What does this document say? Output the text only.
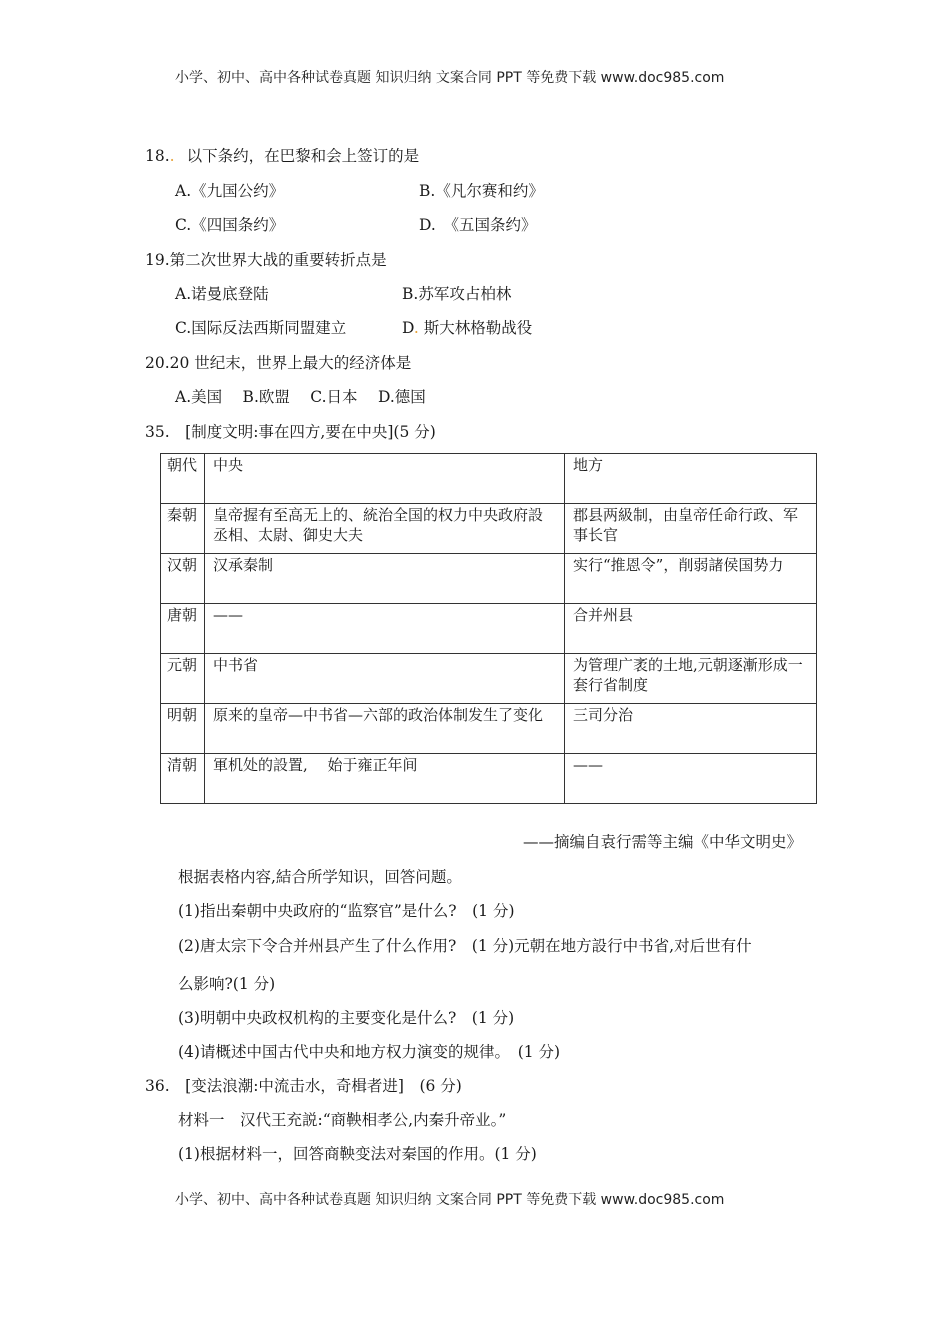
小学、初中、高中各种试卷真题 知识归纳 文案合同 PPT 等免费下载 www.doc985.com
18.. 以下条约，在巴黎和会上签订的是
A.《九国公约》	B.《凡尔赛和约》
C.《四国条约》	D.　《五国条约》
19.第二次世界大战的重要转折点是
A.诺曼底登陆	B.苏军攻占柏林
C.国际反法西斯同盟建立	D. 斯大林格勒战役
20.20 世纪末，世界上最大的经济体是
A.美国　 B.欧盟　 C.日本　 D.德国
35.　[制度文明:事在四方,要在中央](5 分)
朝代	中央	地方
秦朝	皇帝握有至高无上的、統治全国的权力中央政府設丞相、太尉、御史大夫	郡县两級制，由皇帝任命行政、军事长官
汉朝	汉承秦制	实行“推恩令”，削弱諸侯国势力
唐朝	——	合并州县
元朝	中书省	为管理广袤的土地,元朝逐漸形成一套行省制度
明朝	原来的皇帝—中书省—六部的政治体制发生了变化	三司分治
清朝	軍机处的設置,　 始于雍正年间	——
——摘编自袁行需等主编《中华文明史》
根据表格内容,結合所学知识，回答问题。
(1)指出秦朝中央政府的“监察官”是什么?　(1 分)
(2)唐太宗下令合并州县产生了什么作用?　(1 分)元朝在地方設行中书省,对后世有什
么影响?(1 分)
(3)明朝中央政权机构的主要变化是什么?　(1 分)
(4)请概述中国古代中央和地方权力演变的规律。　(1 分)
36.　[变法浪潮:中流击水，奇楫者进]　(6 分)
材料一　汉代王充説:“商鞅相孝公,内秦升帝业。”
(1)根据材料一，回答商鞅变法对秦国的作用。(1 分)
小学、初中、高中各种试卷真题 知识归纳 文案合同 PPT 等免费下载 www.doc985.com
